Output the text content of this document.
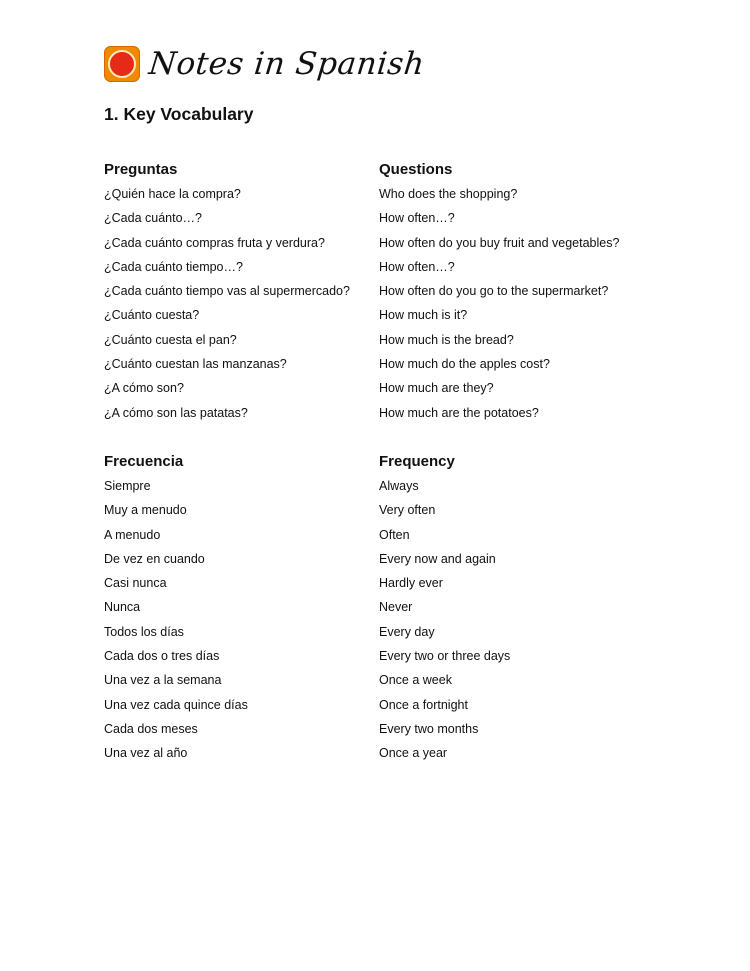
Notes in Spanish
1. Key Vocabulary
Preguntas	Questions
¿Quién hace la compra?
¿Cada cuánto…?
¿Cada cuánto compras fruta y verdura?
¿Cada cuánto tiempo…?
¿Cada cuánto tiempo vas al supermercado?
¿Cuánto cuesta?
¿Cuánto cuesta el pan?
¿Cuánto cuestan las manzanas?
¿A cómo son?
¿A cómo son las patatas?
Who does the shopping?
How often…?
How often do you buy fruit and vegetables?
How often…?
How often do you go to the supermarket?
How much is it?
How much is the bread?
How much do the apples cost?
How much are they?
How much are the potatoes?
Frecuencia	Frequency
Siempre
Muy a menudo
A menudo
De vez en cuando
Casi nunca
Nunca
Todos los días
Cada dos o tres días
Una vez a la semana
Una vez cada quince días
Cada dos meses
Una vez al año
Always
Very often
Often
Every now and again
Hardly ever
Never
Every day
Every two or three days
Once a week
Once a fortnight
Every two months
Once a year
